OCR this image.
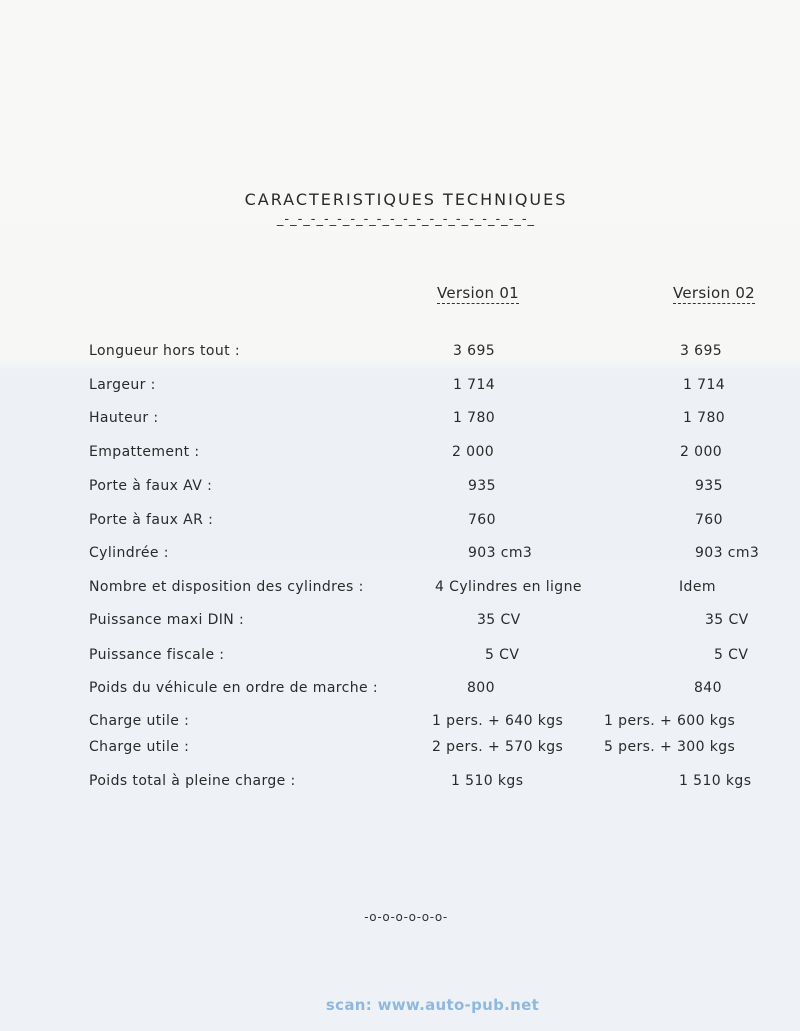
CARACTERISTIQUES TECHNIQUES
_-_-_-_-_-_-_-_-_-_-_-_-_-_-_-_-_-_-_-_
Version 01	Version 02
Longueur hors tout :	3 695	3 695
Largeur :	1 714	1 714
Hauteur :	1 780	1 780
Empattement :	2 000	2 000
Porte à faux AV :	935	935
Porte à faux AR :	760	760
Cylindrée :	903 cm3	903 cm3
Nombre et disposition des cylindres :	4 Cylindres en ligne	Idem
Puissance maxi DIN :	35 CV	35 CV
Puissance fiscale :	5 CV	5 CV
Poids du véhicule en ordre de marche :	800	840
Charge utile :	1 pers. + 640 kgs	1 pers. + 600 kgs
Charge utile :	2 pers. + 570 kgs	5 pers. + 300 kgs
Poids total à pleine charge :	1 510 kgs	1 510 kgs
-o-o-o-o-o-o-
scan: www.auto-pub.net
